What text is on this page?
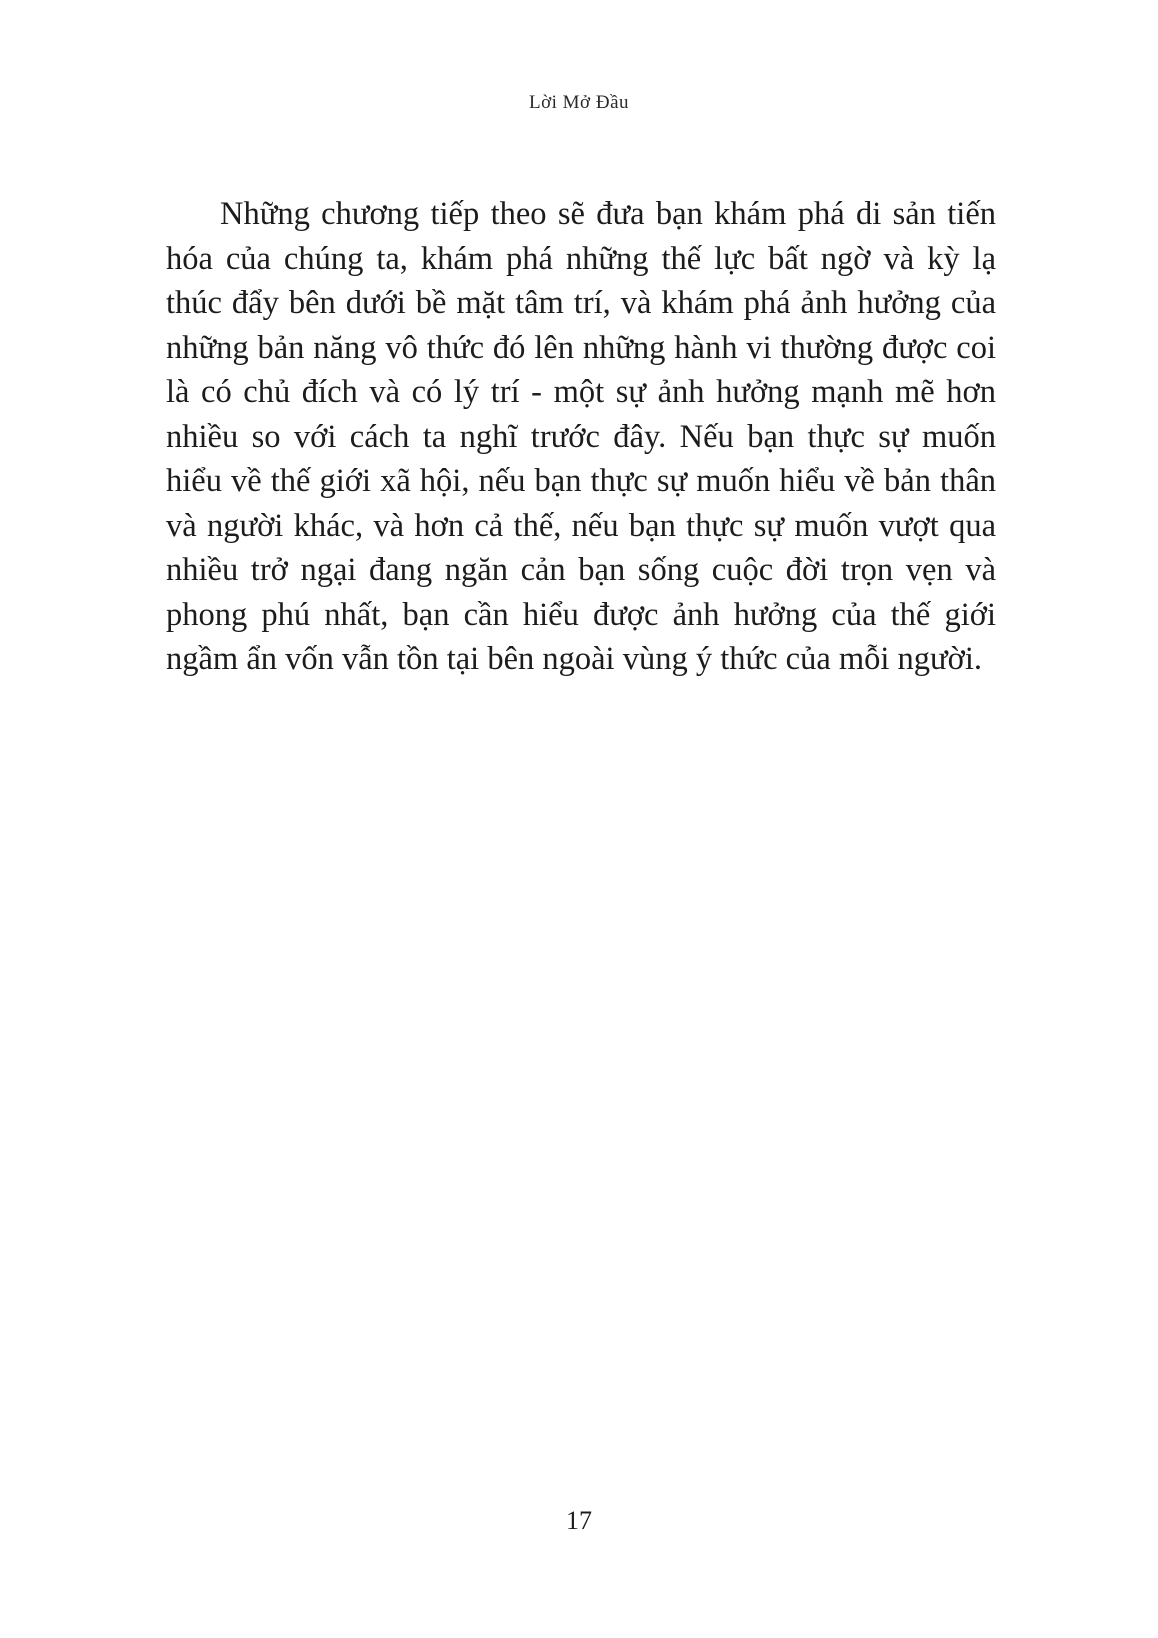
Lời Mở Đầu

Những chương tiếp theo sẽ đưa bạn khám phá di sản tiến hóa của chúng ta, khám phá những thế lực bất ngờ và kỳ lạ thúc đẩy bên dưới bề mặt tâm trí, và khám phá ảnh hưởng của những bản năng vô thức đó lên những hành vi thường được coi là có chủ đích và có lý trí - một sự ảnh hưởng mạnh mẽ hơn nhiều so với cách ta nghĩ trước đây. Nếu bạn thực sự muốn hiểu về thế giới xã hội, nếu bạn thực sự muốn hiểu về bản thân và người khác, và hơn cả thế, nếu bạn thực sự muốn vượt qua nhiều trở ngại đang ngăn cản bạn sống cuộc đời trọn vẹn và phong phú nhất, bạn cần hiểu được ảnh hưởng của thế giới ngầm ẩn vốn vẫn tồn tại bên ngoài vùng ý thức của mỗi người.

17
